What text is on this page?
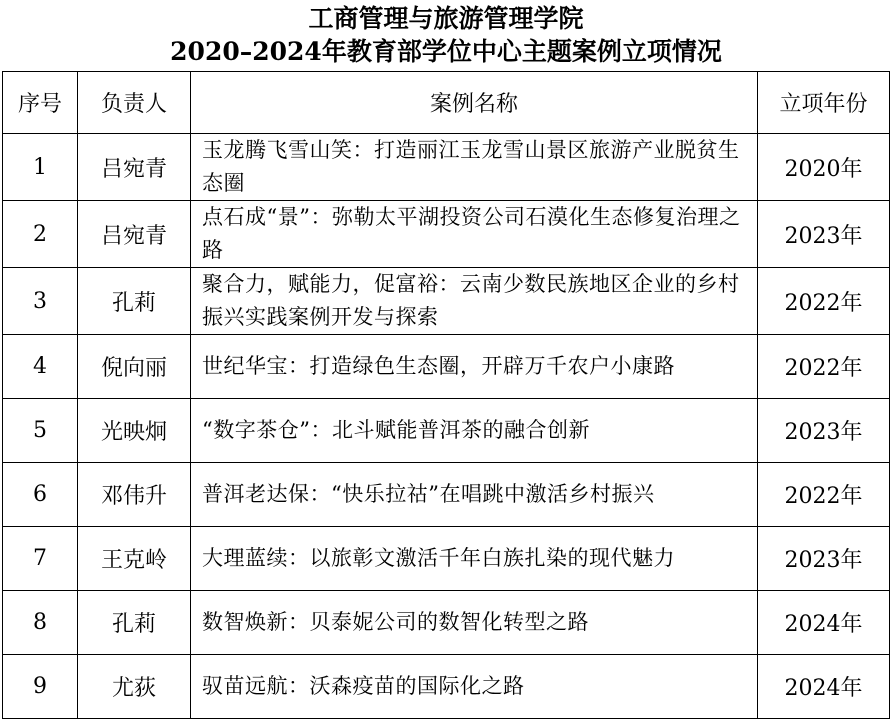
工商管理与旅游管理学院
2020–2024年教育部学位中心主题案例立项情况
序号	负责人	案例名称	立项年份
1	吕宛青	玉龙腾飞雪山笑：打造丽江玉龙雪山景区旅游产业脱贫生态圈	2020年
2	吕宛青	点石成“景”：弥勒太平湖投资公司石漠化生态修复治理之路	2023年
3	孔莉	聚合力，赋能力，促富裕：云南少数民族地区企业的乡村振兴实践案例开发与探索	2022年
4	倪向丽	世纪华宝：打造绿色生态圈，开辟万千农户小康路	2022年
5	光映炯	“数字茶仓”：北斗赋能普洱茶的融合创新	2023年
6	邓伟升	普洱老达保：“快乐拉祜”在唱跳中激活乡村振兴	2022年
7	王克岭	大理蓝续：以旅彰文激活千年白族扎染的现代魅力	2023年
8	孔莉	数智焕新：贝泰妮公司的数智化转型之路	2024年
9	尤荻	驭苗远航：沃森疫苗的国际化之路	2024年
